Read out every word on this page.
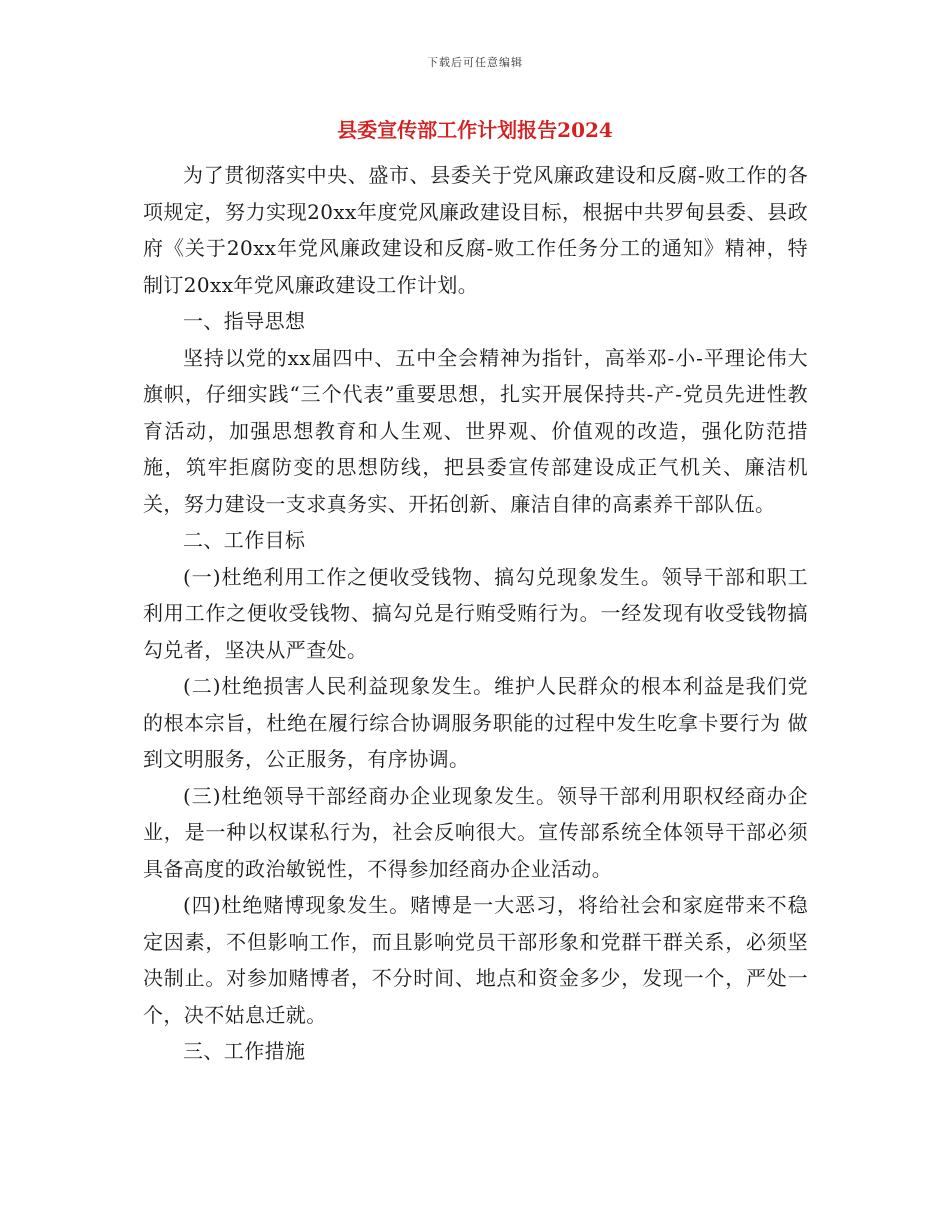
下载后可任意编辑
县委宣传部工作计划报告2024

为了贯彻落实中央、盛市、县委关于党风廉政建设和反腐-败工作的各项规定，努力实现20xx年度党风廉政建设目标，根据中共罗甸县委、县政府《关于20xx年党风廉政建设和反腐-败工作任务分工的通知》精神，特制订20xx年党风廉政建设工作计划。

一、指导思想

坚持以党的xx届四中、五中全会精神为指针，高举邓-小-平理论伟大旗帜，仔细实践“三个代表”重要思想，扎实开展保持共-产-党员先进性教育活动，加强思想教育和人生观、世界观、价值观的改造，强化防范措施，筑牢拒腐防变的思想防线，把县委宣传部建设成正气机关、廉洁机关，努力建设一支求真务实、开拓创新、廉洁自律的高素养干部队伍。

二、工作目标

(一)杜绝利用工作之便收受钱物、搞勾兑现象发生。领导干部和职工利用工作之便收受钱物、搞勾兑是行贿受贿行为。一经发现有收受钱物搞勾兑者，坚决从严查处。

(二)杜绝损害人民利益现象发生。维护人民群众的根本利益是我们党的根本宗旨，杜绝在履行综合协调服务职能的过程中发生吃拿卡要行为 做到文明服务，公正服务，有序协调。

(三)杜绝领导干部经商办企业现象发生。领导干部利用职权经商办企业，是一种以权谋私行为，社会反响很大。宣传部系统全体领导干部必须具备高度的政治敏锐性，不得参加经商办企业活动。

(四)杜绝赌博现象发生。赌博是一大恶习，将给社会和家庭带来不稳定因素，不但影响工作，而且影响党员干部形象和党群干群关系，必须坚决制止。对参加赌博者，不分时间、地点和资金多少，发现一个，严处一个，决不姑息迁就。

三、工作措施
